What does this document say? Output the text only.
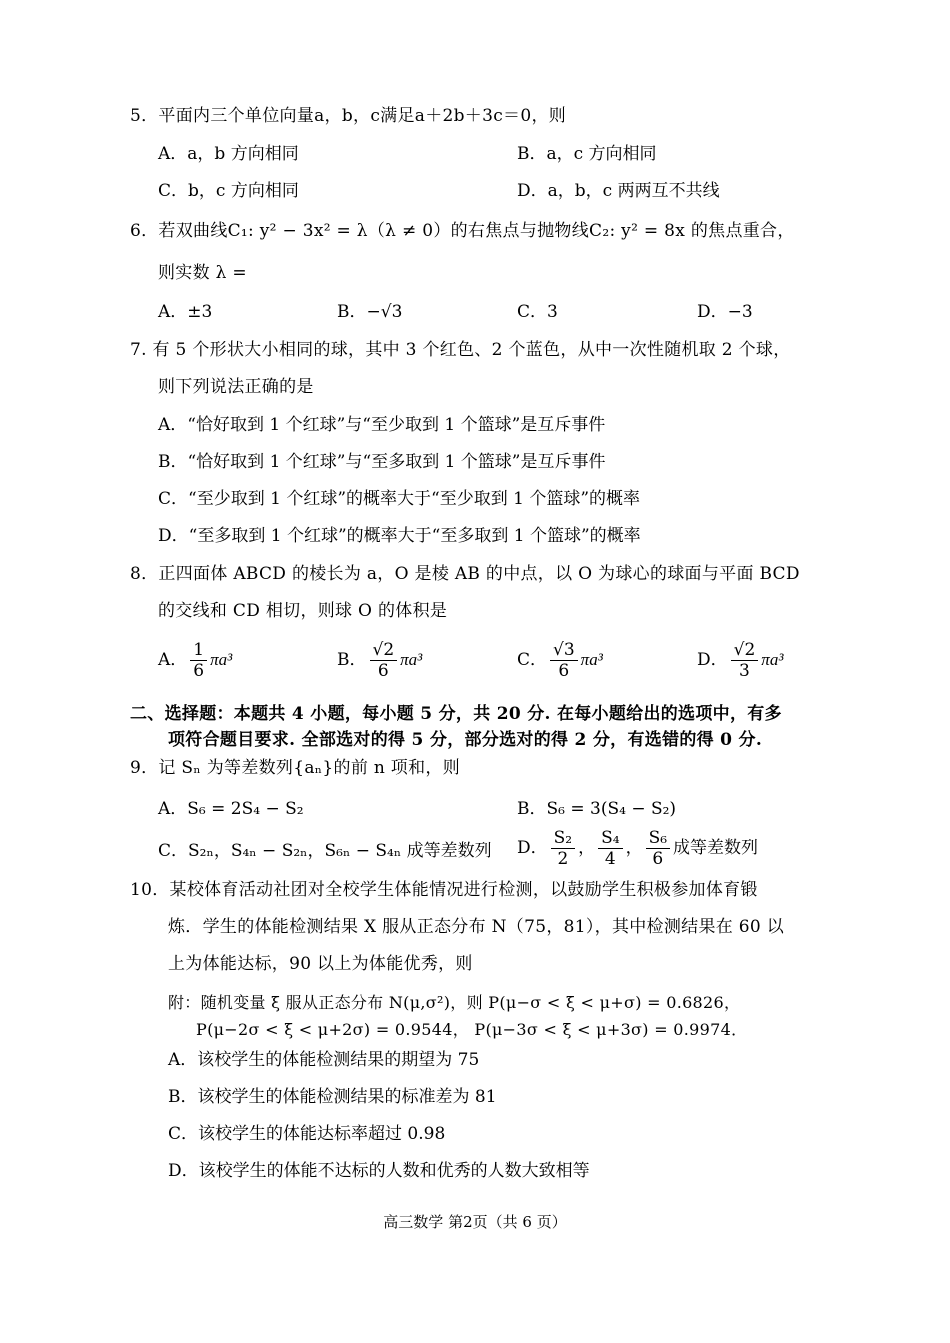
5．平面内三个单位向量a，b，c满足a＋2b＋3c＝0，则
A．a，b 方向相同	B．a，c 方向相同
C．b，c 方向相同	D．a，b，c 两两互不共线
6．若双曲线C₁: y² − 3x² = λ（λ ≠ 0）的右焦点与抛物线C₂: y² = 8x 的焦点重合，
则实数 λ =
A．±3	B．−√3	C．3	D．−3
7. 有 5 个形状大小相同的球，其中 3 个红色、2 个蓝色，从中一次性随机取 2 个球，
则下列说法正确的是
A．“恰好取到 1 个红球”与“至少取到 1 个篮球”是互斥事件
B．“恰好取到 1 个红球”与“至多取到 1 个篮球”是互斥事件
C．“至少取到 1 个红球”的概率大于“至少取到 1 个篮球”的概率
D．“至多取到 1 个红球”的概率大于“至多取到 1 个篮球”的概率
8．正四面体 ABCD 的棱长为 a，O 是棱 AB 的中点，以 O 为球心的球面与平面 BCD
的交线和 CD 相切，则球 O 的体积是
A． $\frac{1}{6} \pi a^3$	B． $\frac{√2}{6} \pi a^3$	C． $\frac{√3}{6} \pi a^3$	D． $\frac{√2}{3} \pi a^3$
二、选择题：本题共 4 小题，每小题 5 分，共 20 分. 在每小题给出的选项中，有多
项符合题目要求. 全部选对的得 5 分，部分选对的得 2 分，有选错的得 0 分.
9．记 Sₙ 为等差数列{aₙ}的前 n 项和，则
A．S₆ = 2S₄ − S₂	B．S₆ = 3(S₄ − S₂)
C．S₂ₙ，S₄ₙ − S₂ₙ，S₆ₙ − S₄ₙ 成等差数列 D． $\frac{\text{S₂}}{2}$ ， $\frac{\text{S₄}}{4}$ ， $\frac{\text{S₆}}{6}$ 成等差数列
10．某校体育活动社团对全校学生体能情况进行检测，以鼓励学生积极参加体育锻
炼．学生的体能检测结果 X 服从正态分布 N（75，81），其中检测结果在 60 以
上为体能达标，90 以上为体能优秀，则
附：随机变量 ξ 服从正态分布 N(μ,σ²)，则 P(μ−σ < ξ < μ+σ) = 0.6826，
P(μ−2σ < ξ < μ+2σ) = 0.9544， P(μ−3σ < ξ < μ+3σ) = 0.9974．
A．该校学生的体能检测结果的期望为 75
B．该校学生的体能检测结果的标准差为 81
C．该校学生的体能达标率超过 0.98
D．该校学生的体能不达标的人数和优秀的人数大致相等
高三数学 第2页（共 6 页）
